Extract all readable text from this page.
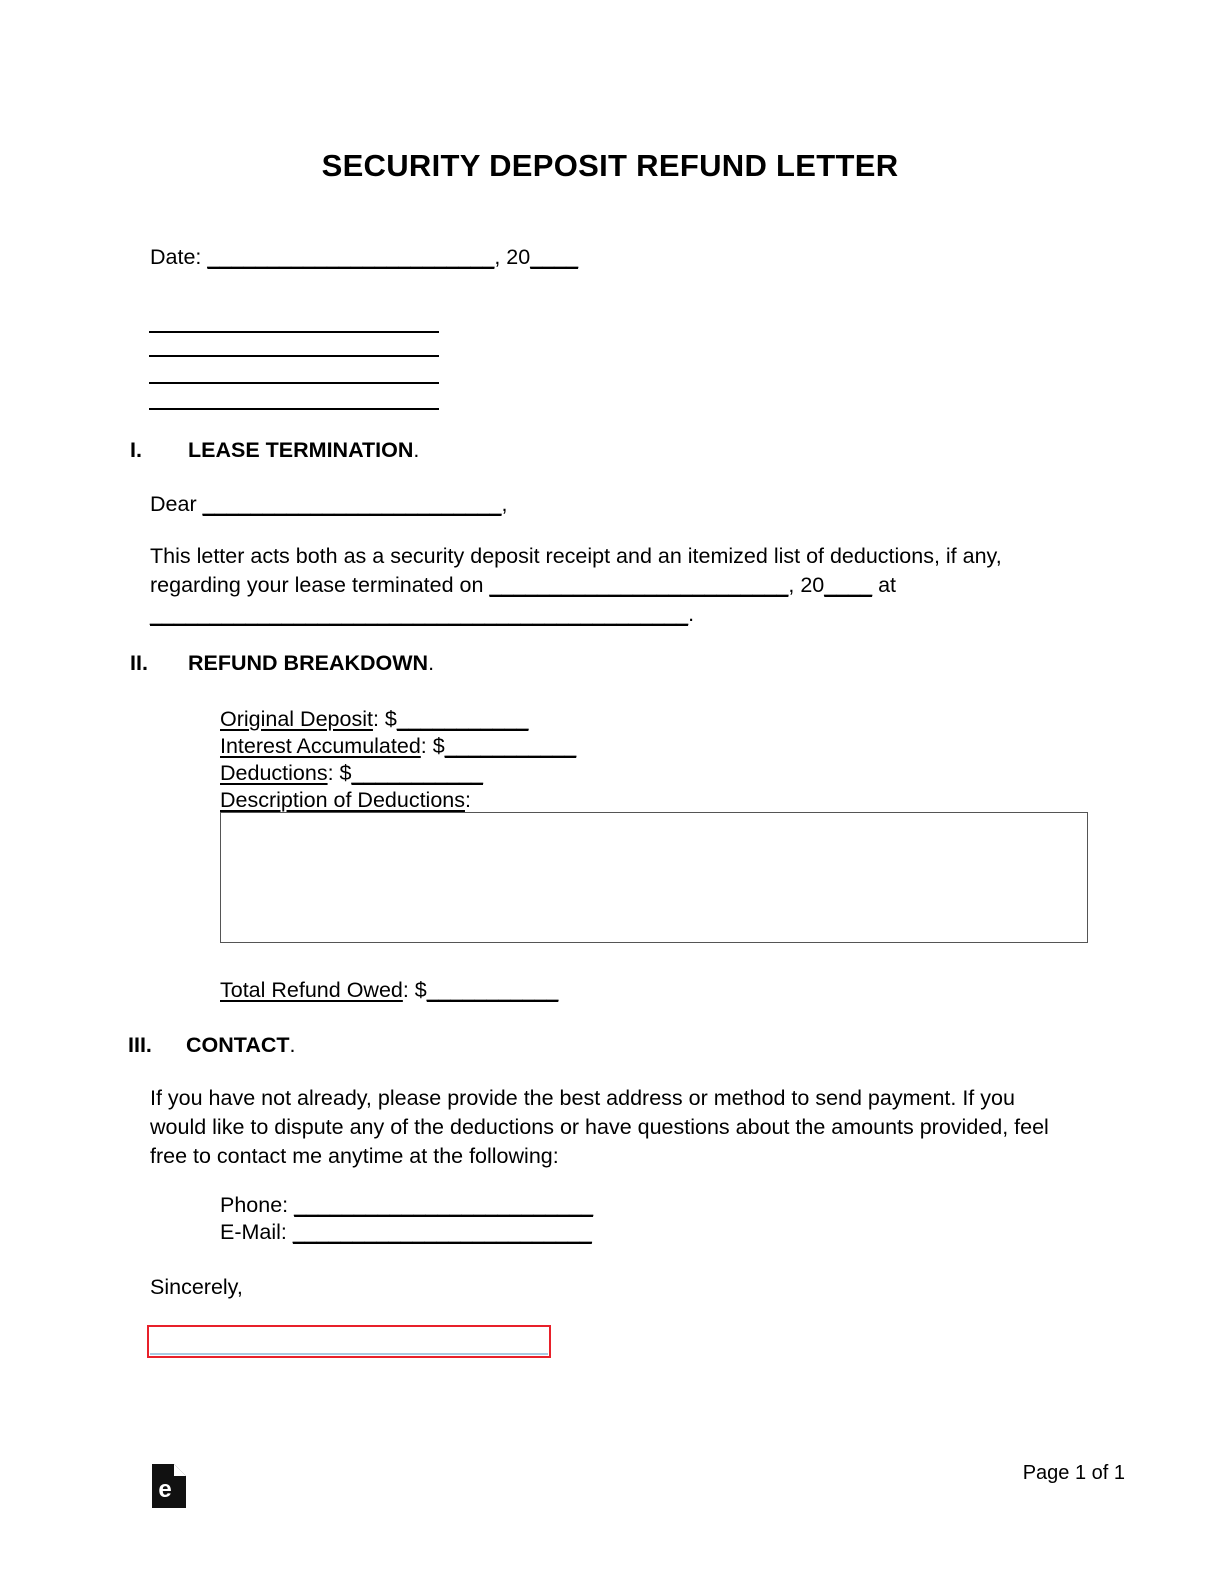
SECURITY DEPOSIT REFUND LETTER
Date: ________________________, 20____
I. LEASE TERMINATION.
Dear _________________________,
This letter acts both as a security deposit receipt and an itemized list of deductions, if any, regarding your lease terminated on _________________________, 20____ at
_____________________________________________.
II. REFUND BREAKDOWN.
Original Deposit: $___________
Interest Accumulated: $___________
Deductions: $___________
Description of Deductions:
Total Refund Owed: $___________
III. CONTACT.
If you have not already, please provide the best address or method to send payment. If you would like to dispute any of the deductions or have questions about the amounts provided, feel free to contact me anytime at the following:
Phone: _________________________
E-Mail: _________________________
Sincerely,
e
Page 1 of 1
